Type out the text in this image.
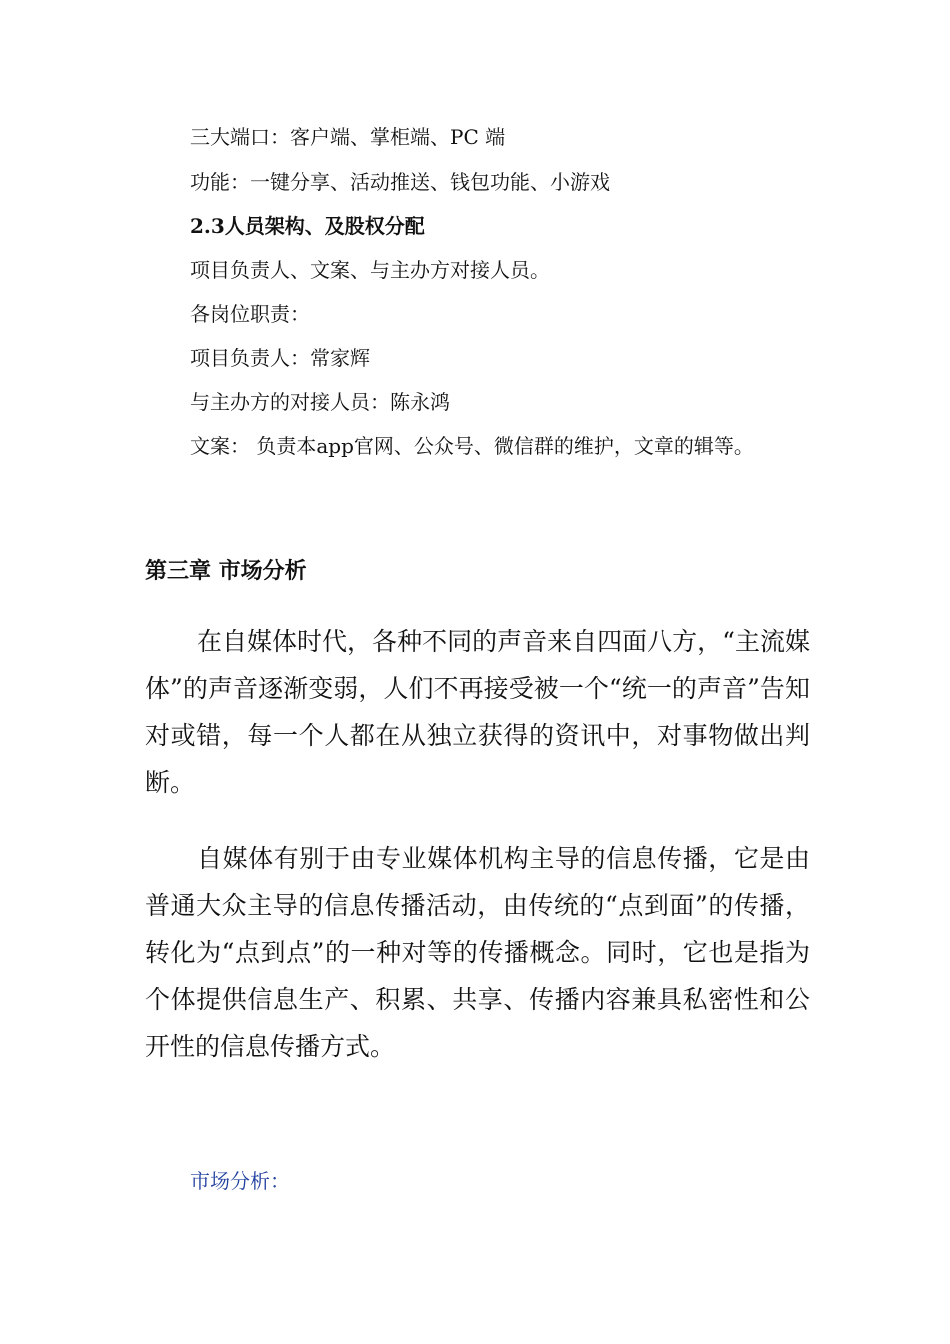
三大端口：客户端、掌柜端、PC 端

功能：一键分享、活动推送、钱包功能、小游戏

2.3人员架构、及股权分配

项目负责人、文案、与主办方对接人员。

各岗位职责：

项目负责人：常家辉

与主办方的对接人员：陈永鸿

文案： 负责本app官网、公众号、微信群的维护，文章的辑等。

第三章 市场分析

在自媒体时代，各种不同的声音来自四面八方，“主流媒体”的声音逐渐变弱，人们不再接受被一个“统一的声音”告知对或错，每一个人都在从独立获得的资讯中，对事物做出判断。

自媒体有别于由专业媒体机构主导的信息传播，它是由普通大众主导的信息传播活动，由传统的“点到面”的传播，转化为“点到点”的一种对等的传播概念。同时，它也是指为个体提供信息生产、积累、共享、传播内容兼具私密性和公开性的信息传播方式。

市场分析：
